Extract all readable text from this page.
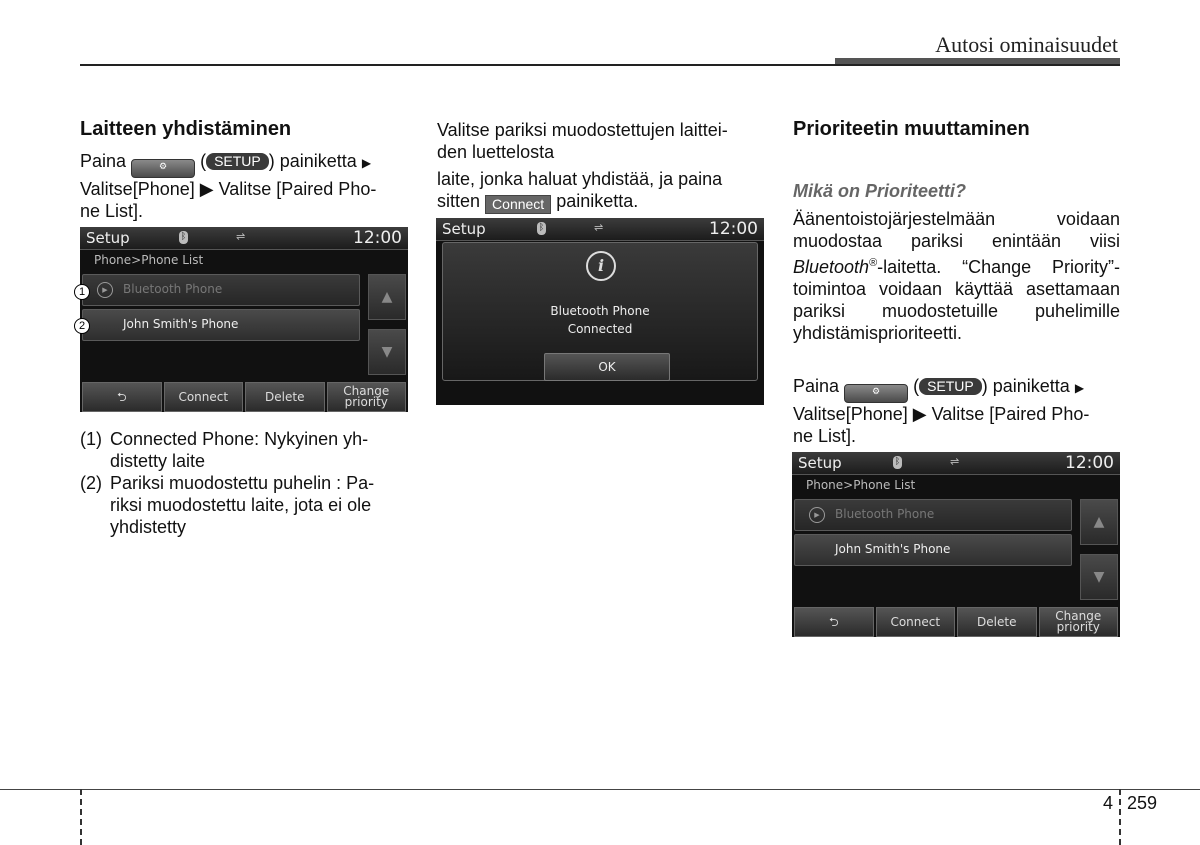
Autosi ominaisuudet
Laitteen yhdistäminen

Paina	⚙ ( SETUP ) painiketta ▶

Valitse[Phone] ▶ Valitse [Paired Pho-

ne List].

Setup	ᛒ	⇌	12:00
Phone>Phone List
▶	Bluetooth Phone
John Smith's Phone
▲
▼
⮌	Connect	Delete	Change priority
1
2
(1) Connected Phone: Nykyinen yh-

distetty laite

(2) Pariksi muodostettu puhelin : Pa-

riksi muodostettu laite, jota ei ole

yhdistetty

Valitse pariksi muodostettujen laittei-

den luettelosta

laite, jonka haluat yhdistää, ja paina

sitten Connect painiketta.

Setup	ᛒ	⇌	12:00
i
Bluetooth Phone
Connected
OK
Prioriteetin muuttaminen
Mikä on Prioriteetti?
Äänentoistojärjestelmään voidaan muodostaa pariksi enintään viisi Bluetooth®-laitetta. “Change Priority”-toimintoa voidaan käyttää asettamaan pariksi muodostetuille puhelimille yhdistämisprioriteetti.

Paina	⚙ ( SETUP ) painiketta ▶

Valitse[Phone] ▶ Valitse [Paired Pho-

ne List].

Setup	ᛒ	⇌	12:00
Phone>Phone List
▶	Bluetooth Phone
John Smith's Phone
▲
▼
⮌	Connect	Delete	Change priority
4 259
